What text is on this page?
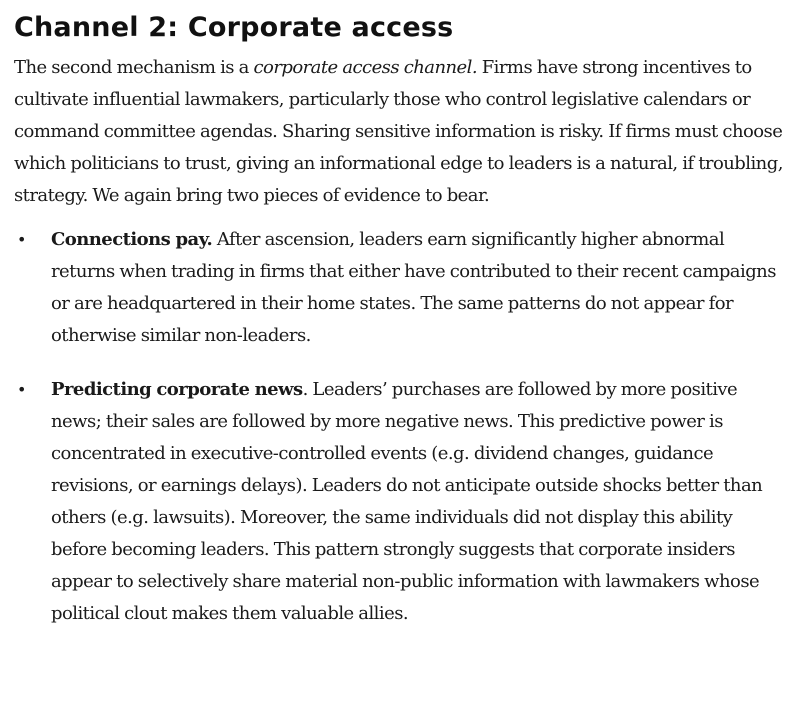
Channel 2: Corporate access

The second mechanism is a corporate access channel. Firms have strong incentives to cultivate influential lawmakers, particularly those who control legislative calendars or command committee agendas. Sharing sensitive information is risky. If firms must choose which politicians to trust, giving an informational edge to leaders is a natural, if troubling, strategy. We again bring two pieces of evidence to bear.

• Connections pay. After ascension, leaders earn significantly higher abnormal returns when trading in firms that either have contributed to their recent campaigns or are headquartered in their home states. The same patterns do not appear for otherwise similar non-leaders.
• Predicting corporate news. Leaders’ purchases are followed by more positive news; their sales are followed by more negative news. This predictive power is concentrated in executive-controlled events (e.g. dividend changes, guidance revisions, or earnings delays). Leaders do not anticipate outside shocks better than others (e.g. lawsuits). Moreover, the same individuals did not display this ability before becoming leaders. This pattern strongly suggests that corporate insiders appear to selectively share material non-public information with lawmakers whose political clout makes them valuable allies.
